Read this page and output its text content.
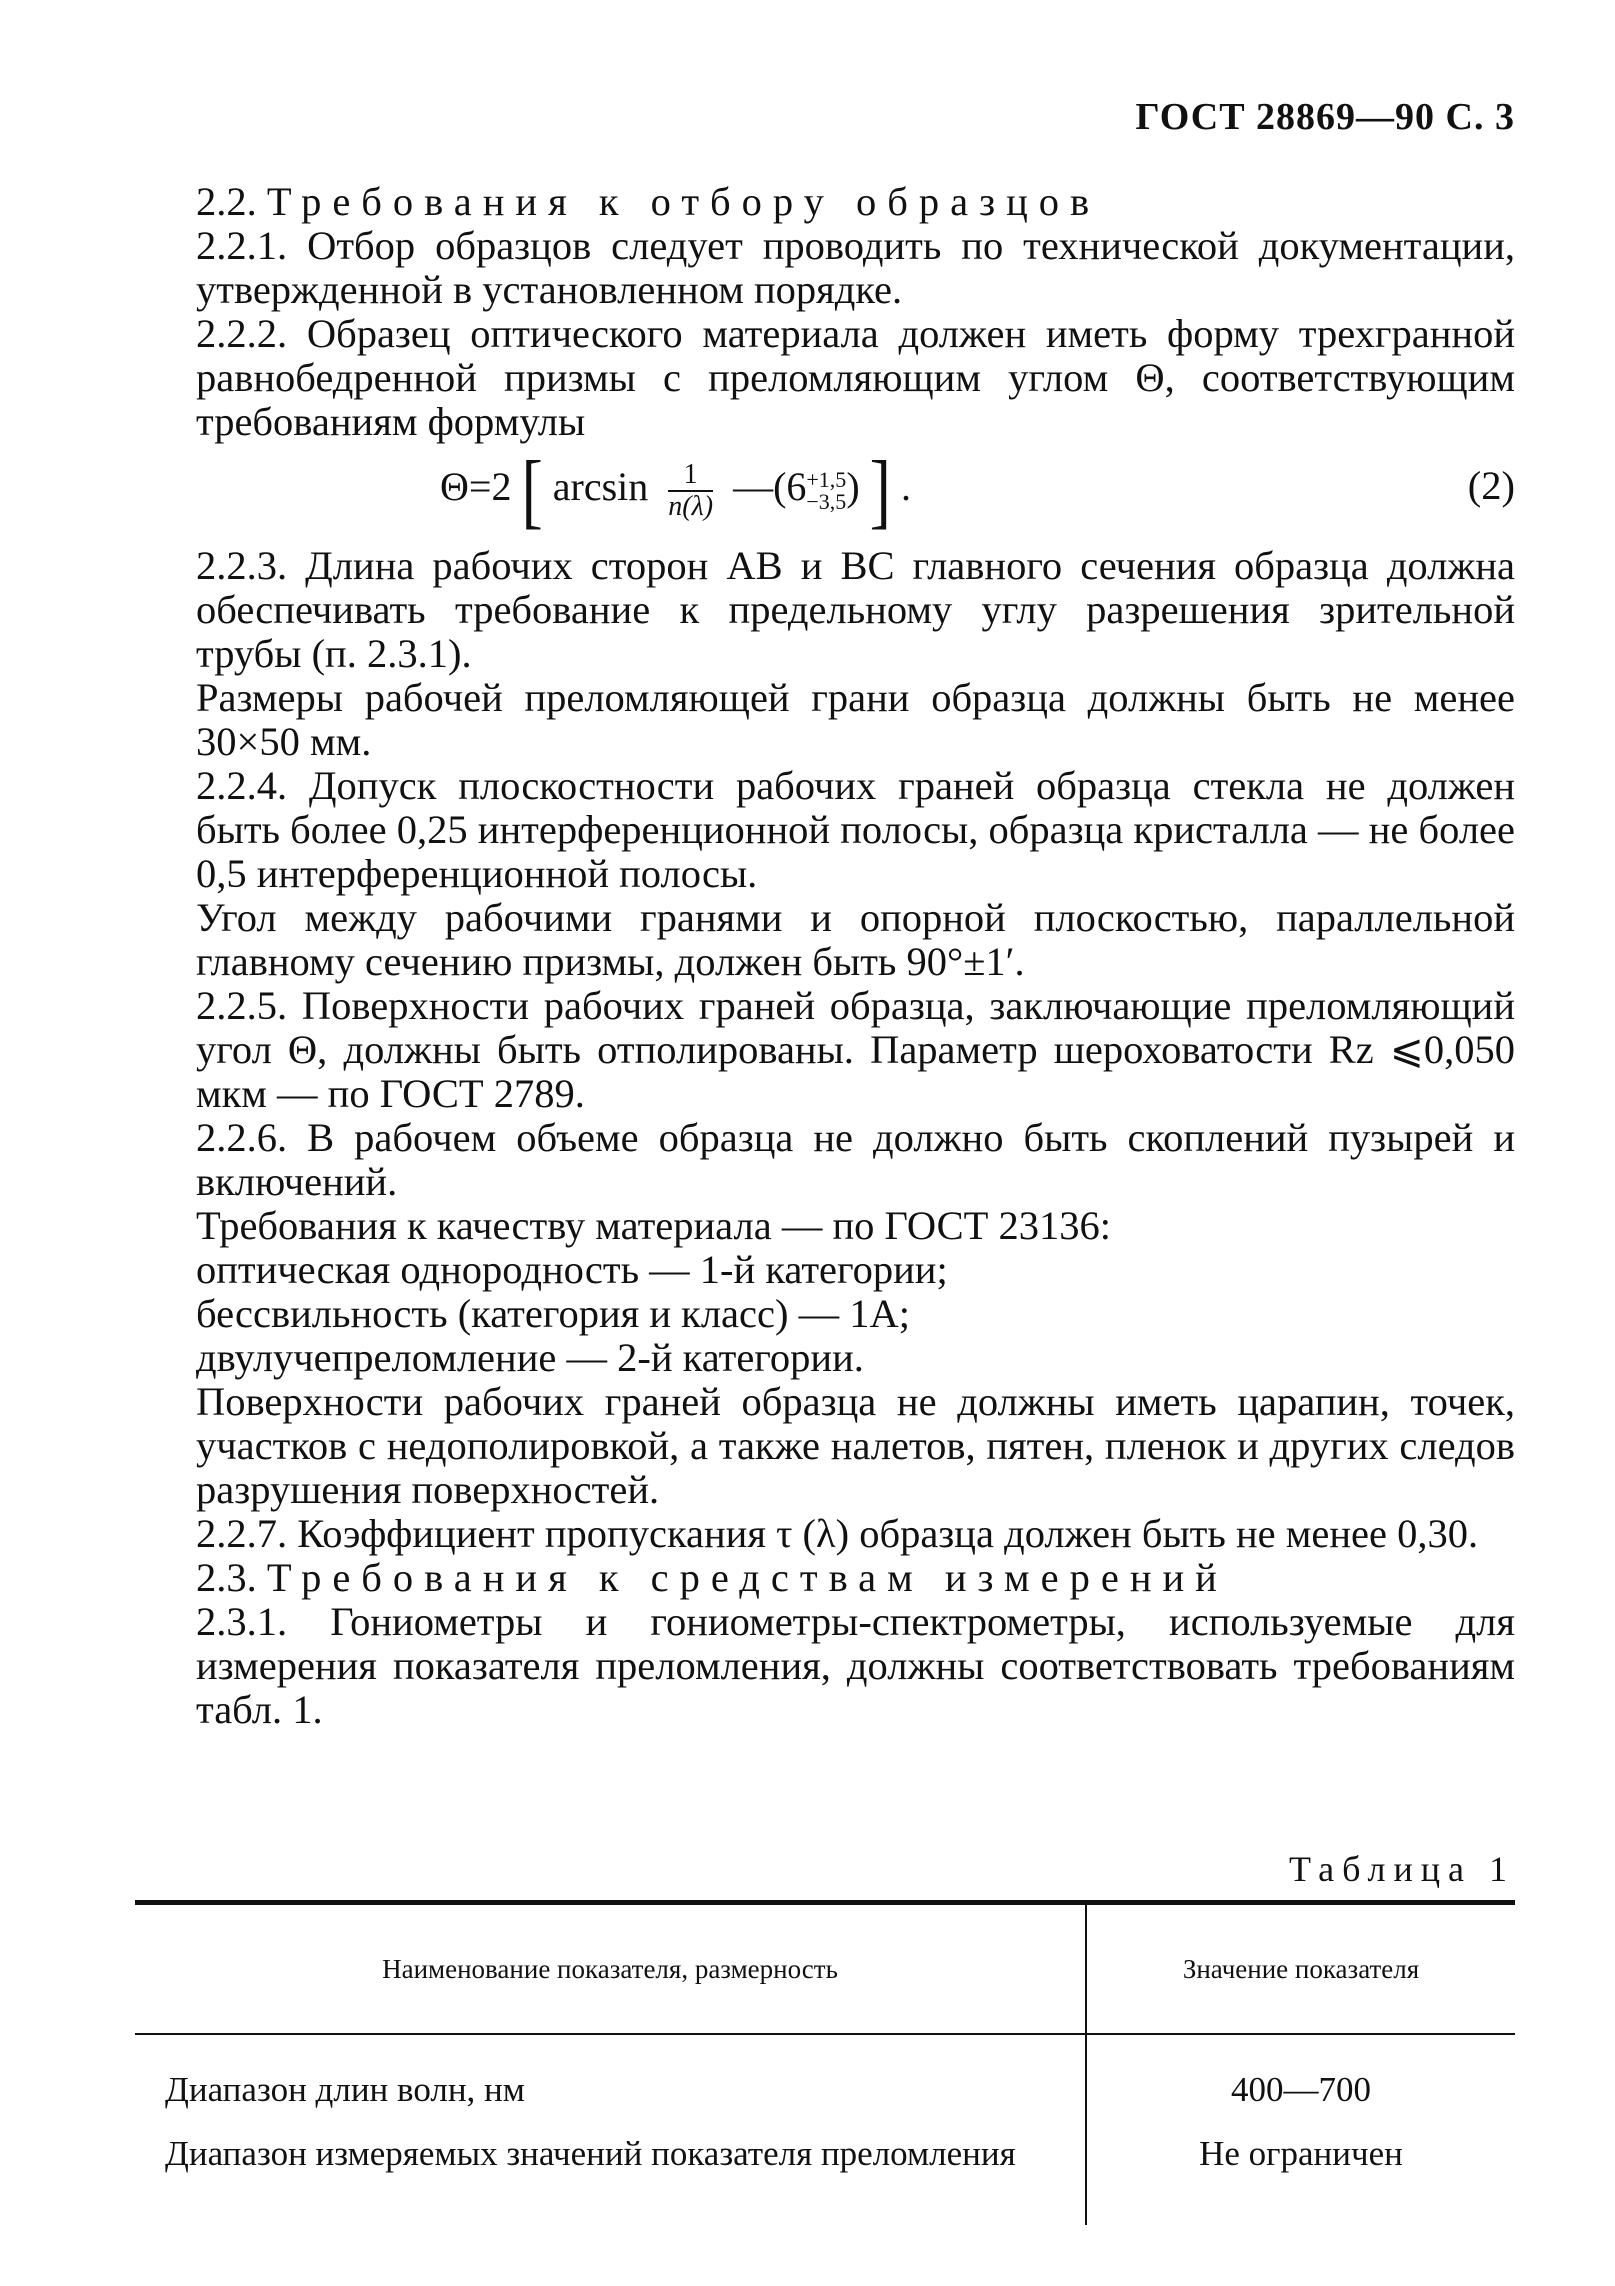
ГОСТ 28869—90 С. 3

2.2. Требования к отбору образцов

2.2.1. Отбор образцов следует проводить по технической документации, утвержденной в установленном порядке.

2.2.2. Образец оптического материала должен иметь форму трехгранной равнобедренной призмы с преломляющим углом Θ, соответствующим требованиям формулы

Θ=2 [ $\arcsin \frac{1}{n(\lambda)}$ —(6 +1,5
−3,5 ) ] .	(2)

2.2.3. Длина рабочих сторон AB и BC главного сечения образца должна обеспечивать требование к предельному углу разрешения зрительной трубы (п. 2.3.1).

Размеры рабочей преломляющей грани образца должны быть не менее 30×50 мм.

2.2.4. Допуск плоскостности рабочих граней образца стекла не должен быть более 0,25 интерференционной полосы, образца кристалла — не более 0,5 интерференционной полосы.

Угол между рабочими гранями и опорной плоскостью, параллельной главному сечению призмы, должен быть 90°±1′.

2.2.5. Поверхности рабочих граней образца, заключающие преломляющий угол Θ, должны быть отполированы. Параметр шероховатости Rz ⩽0,050 мкм — по ГОСТ 2789.

2.2.6. В рабочем объеме образца не должно быть скоплений пузырей и включений.

Требования к качеству материала — по ГОСТ 23136:

оптическая однородность — 1-й категории;

бессвильность (категория и класс) — 1А;

двулучепреломление — 2-й категории.

Поверхности рабочих граней образца не должны иметь царапин, точек, участков с недополировкой, а также налетов, пятен, пленок и других следов разрушения поверхностей.

2.2.7. Коэффициент пропускания τ (λ) образца должен быть не менее 0,30.

2.3. Требования к средствам измерений

2.3.1. Гониометры и гониометры-спектрометры, используемые для измерения показателя преломления, должны соответствовать требованиям табл. 1.

Таблица 1
Наименование показателя, размерность	Значение показателя
Диапазон длин волн, нм	400—700
Диапазон измеряемых значений показателя преломления	Не ограничен
